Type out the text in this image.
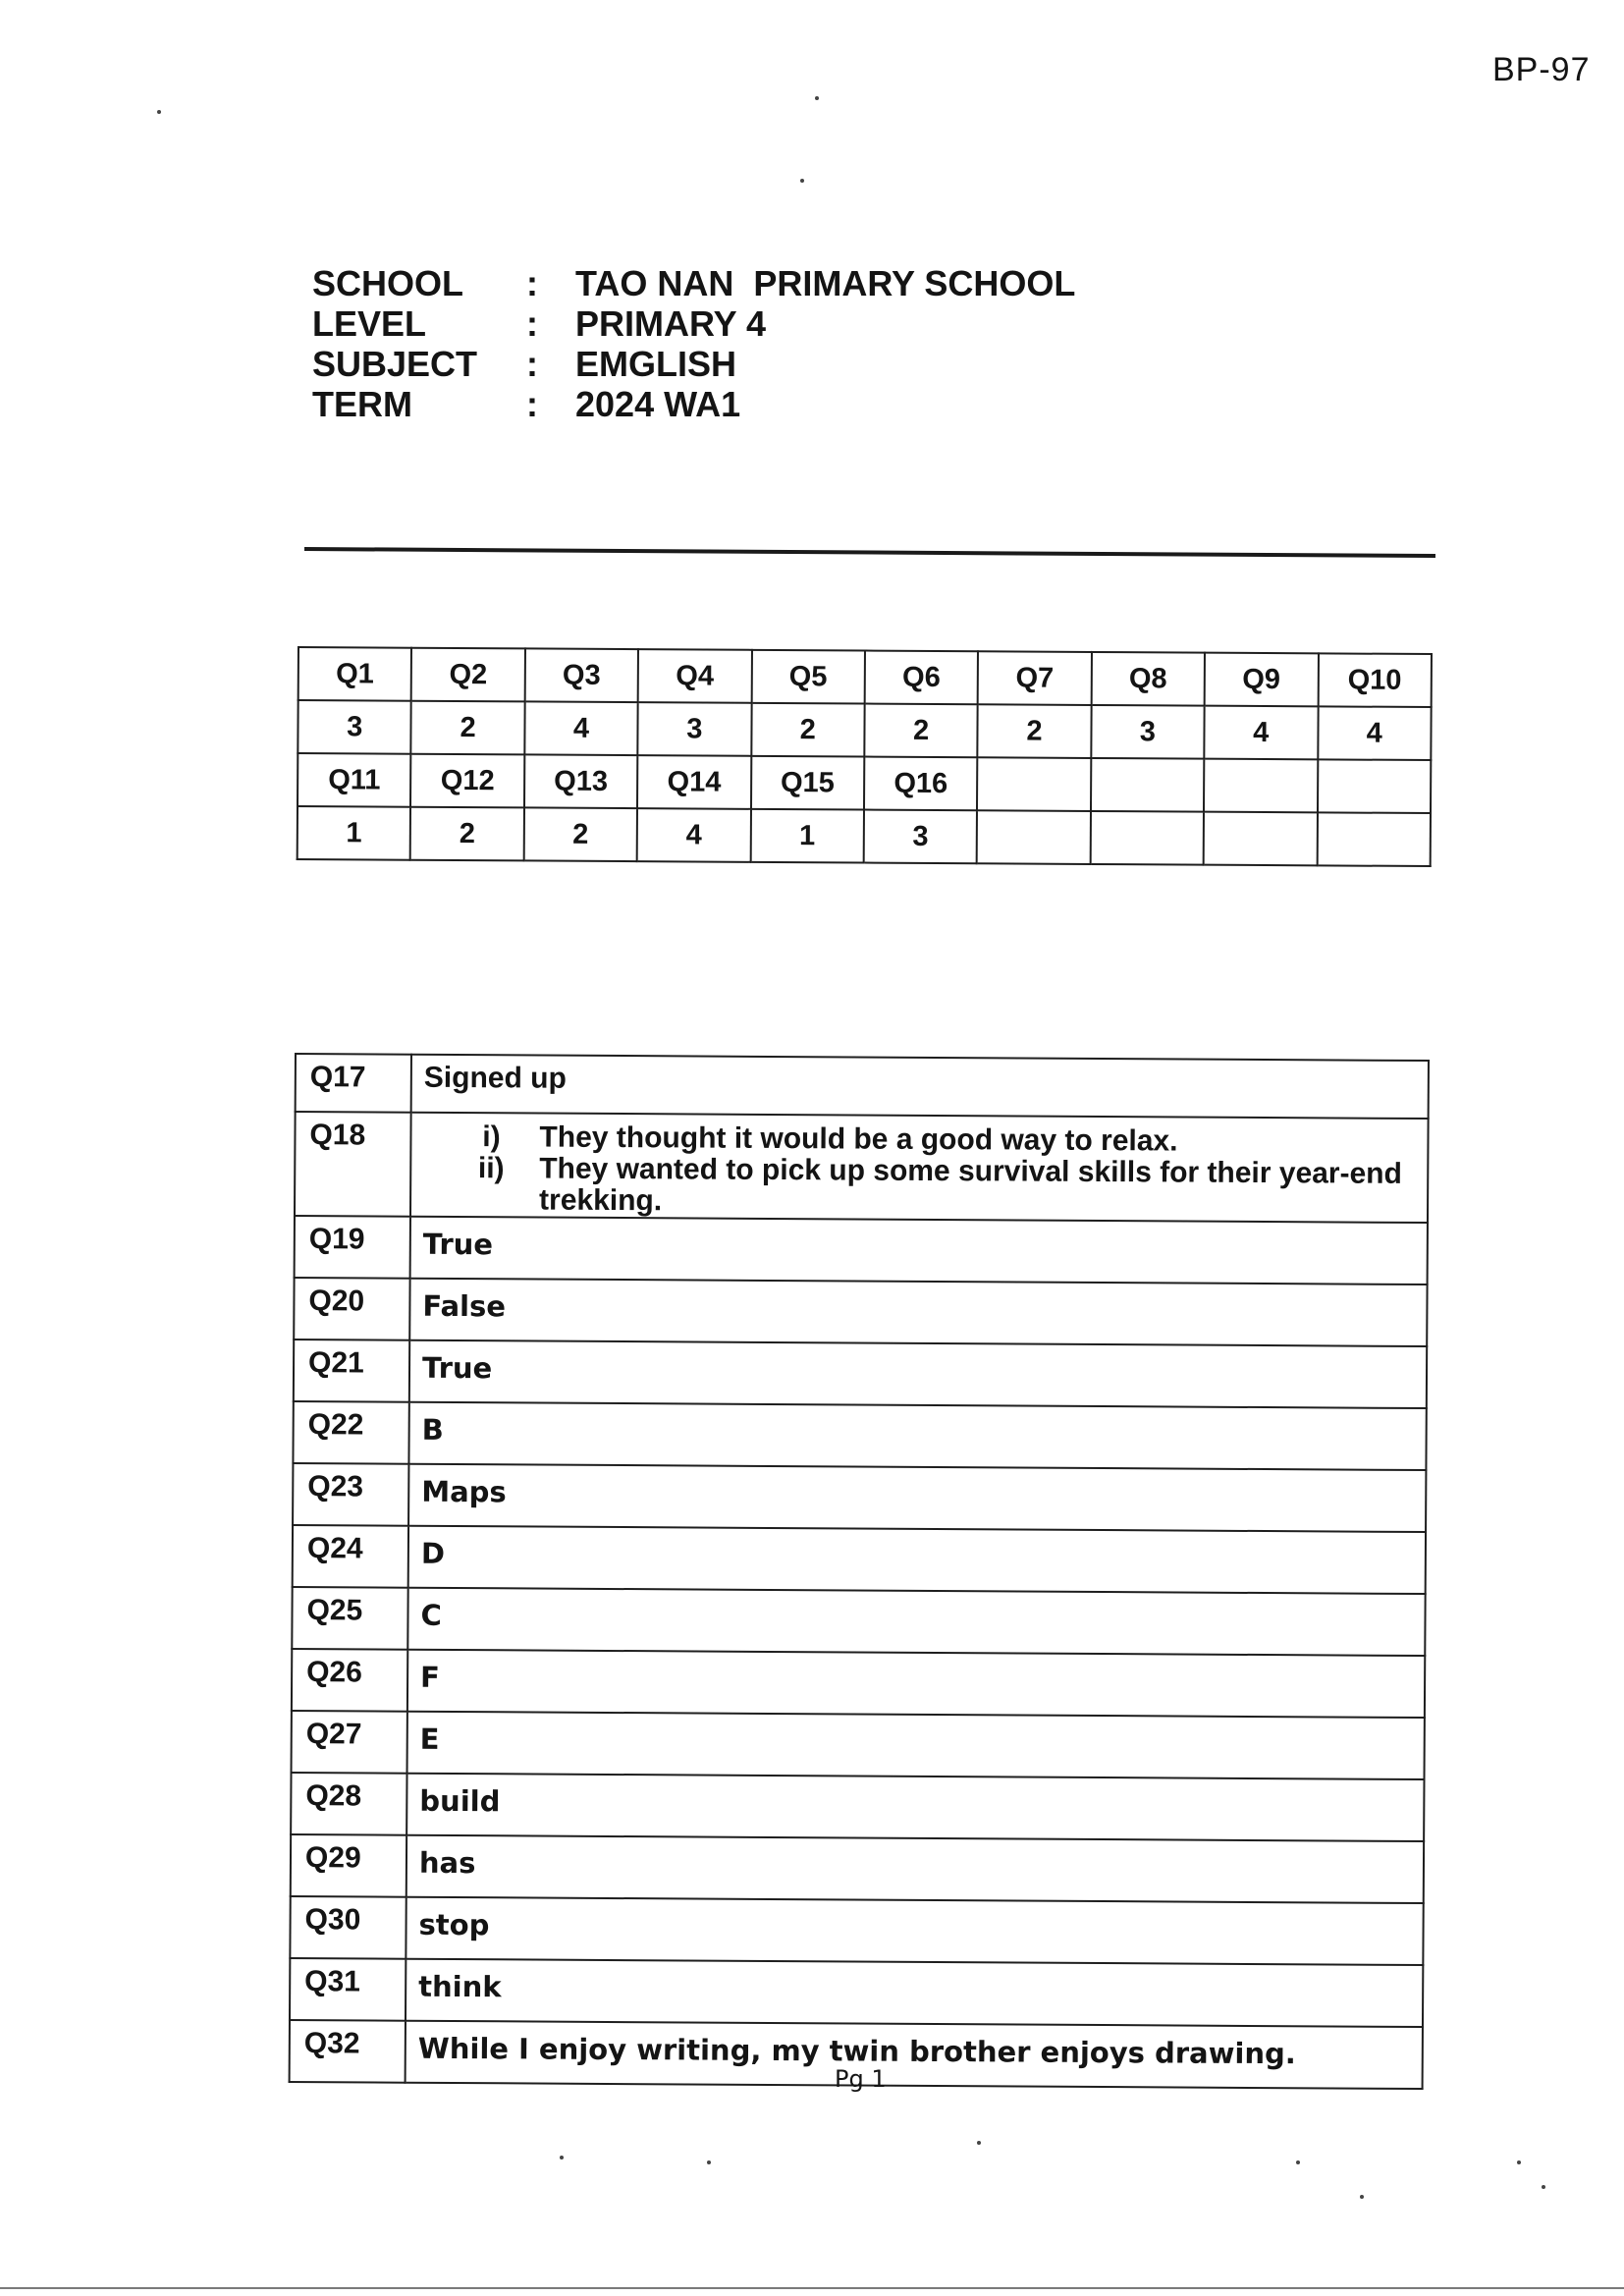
BP-97
SCHOOL	:	TAO NAN  PRIMARY SCHOOL
LEVEL	:	PRIMARY 4
SUBJECT	:	EMGLISH
TERM	:	2024 WA1
Q1	Q2	Q3	Q4	Q5	Q6	Q7	Q8	Q9	Q10
3	2	4	3	2	2	2	3	4	4
Q11	Q12	Q13	Q14	Q15	Q16				
1	2	2	4	1	3				
Q17	Signed up
Q18	i) They thought it would be a good way to relax.
ii) They wanted to pick up some survival skills for their year-end trekking.

Q19	True
Q20	False
Q21	True
Q22	B
Q23	Maps
Q24	D
Q25	C
Q26	F
Q27	E
Q28	build
Q29	has
Q30	stop
Q31	think
Q32	While I enjoy writing, my twin brother enjoys drawing.
Pg 1
